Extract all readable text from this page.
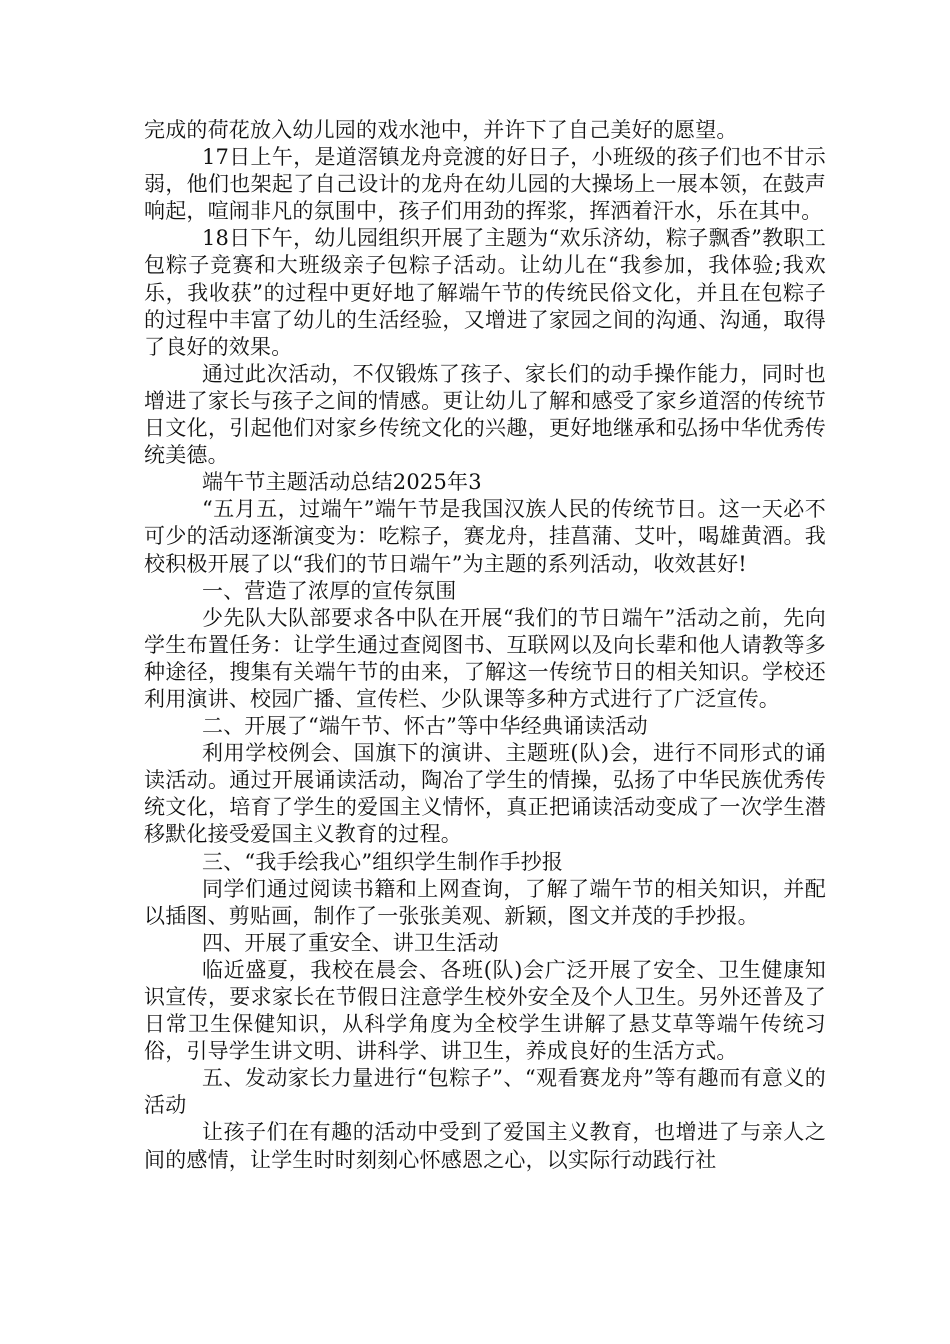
完成的荷花放入幼儿园的戏水池中，并许下了自己美好的愿望。

17日上午，是道滘镇龙舟竞渡的好日子，小班级的孩子们也不甘示弱，他们也架起了自己设计的龙舟在幼儿园的大操场上一展本领，在鼓声响起，喧闹非凡的氛围中，孩子们用劲的挥浆，挥洒着汗水，乐在其中。

18日下午，幼儿园组织开展了主题为“欢乐济幼，粽子飘香”教职工包粽子竞赛和大班级亲子包粽子活动。让幼儿在“我参加，我体验;我欢乐，我收获”的过程中更好地了解端午节的传统民俗文化，并且在包粽子的过程中丰富了幼儿的生活经验，又增进了家园之间的沟通、沟通，取得了良好的效果。

通过此次活动，不仅锻炼了孩子、家长们的动手操作能力，同时也增进了家长与孩子之间的情感。更让幼儿了解和感受了家乡道滘的传统节日文化，引起他们对家乡传统文化的兴趣，更好地继承和弘扬中华优秀传统美德。

端午节主题活动总结2025年3

“五月五，过端午”端午节是我国汉族人民的传统节日。这一天必不可少的活动逐渐演变为：吃粽子，赛龙舟，挂菖蒲、艾叶，喝雄黄酒。我校积极开展了以“我们的节日端午”为主题的系列活动，收效甚好!

一、营造了浓厚的宣传氛围

少先队大队部要求各中队在开展“我们的节日端午”活动之前，先向学生布置任务：让学生通过查阅图书、互联网以及向长辈和他人请教等多种途径，搜集有关端午节的由来，了解这一传统节日的相关知识。学校还利用演讲、校园广播、宣传栏、少队课等多种方式进行了广泛宣传。

二、开展了“端午节、怀古”等中华经典诵读活动

利用学校例会、国旗下的演讲、主题班(队)会，进行不同形式的诵读活动。通过开展诵读活动，陶冶了学生的情操，弘扬了中华民族优秀传统文化，培育了学生的爱国主义情怀，真正把诵读活动变成了一次学生潜移默化接受爱国主义教育的过程。

三、“我手绘我心”组织学生制作手抄报

同学们通过阅读书籍和上网查询，了解了端午节的相关知识，并配以插图、剪贴画，制作了一张张美观、新颖，图文并茂的手抄报。

四、开展了重安全、讲卫生活动

临近盛夏，我校在晨会、各班(队)会广泛开展了安全、卫生健康知识宣传，要求家长在节假日注意学生校外安全及个人卫生。另外还普及了日常卫生保健知识，从科学角度为全校学生讲解了悬艾草等端午传统习俗，引导学生讲文明、讲科学、讲卫生，养成良好的生活方式。

五、发动家长力量进行“包粽子”、“观看赛龙舟”等有趣而有意义的活动

让孩子们在有趣的活动中受到了爱国主义教育，也增进了与亲人之间的感情，让学生时时刻刻心怀感恩之心，以实际行动践行社
